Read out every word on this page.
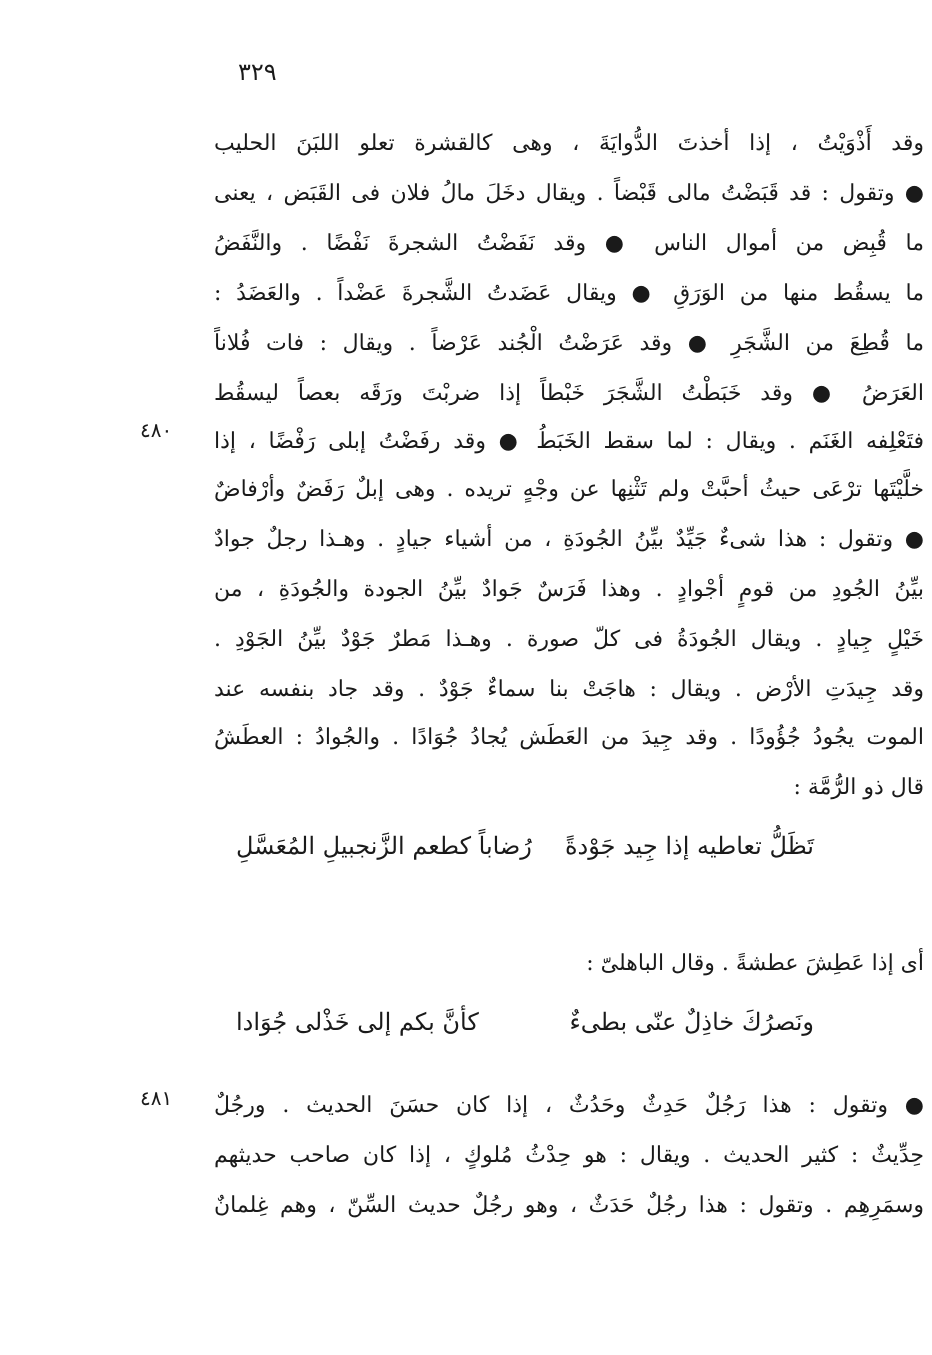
٣٢٩
وقد أَذْوَيْتُ ، إذا أخذتَ الدُّوايَةَ ، وهى كالقشرة تعلو اللبَنَ الحليب
● وتقول : قد قَبَضْتُ مالى قَبْضاً . ويقال دخَلَ مالُ فلان فى القَبَض ، يعنى
ما قُبِض من أموال الناس ● وقد نَفَضْتُ الشجرةَ نَفْضًا . والنَّفَضُ
ما يسقُط منها من الوَرَقِ ● ويقال عَضَدتُ الشَّجرةَ عَضْداً . والعَضَدُ :
ما قُطِعَ من الشَّجَرِ ● وقد عَرَضْتُ الْجُند عَرْضاً . ويقال : فات فُلاناً
العَرَضُ ● وقد خَبَطْتُ الشَّجَرَ خَبْطاً إذا ضربْتَ ورَقَه بعصاً ليسقُط
فتَعْلِفه الغَنَم . ويقال : لما سقط الخَبَطُ ● وقد رفَضْتُ إبلى رَفْضًا ، إذا
٤٨٠
خلَّيْتَها ترْعَى حيثُ أحبَّتْ ولم تَثْنِها عن وجْهٍ تريده . وهى إبلٌ رَفَضٌ وأرْفاضٌ
● وتقول : هذا شىءٌ جَيِّدٌ بيِّنُ الجُودَةِ ، من أشياء جيادٍ . وهـذا رجلٌ جوادٌ
بيِّنُ الجُودِ من قومٍ أجْوادٍ . وهذا فَرَسٌ جَوادٌ بيِّنُ الجودة والجُودَةِ ، من
خَيْلٍ جِيادٍ . ويقال الجُودَةُ فى كلّ صورة . وهـذا مَطرٌ جَوْدٌ بيِّنُ الجَوْدِ .
وقد جِيدَتِ الأرْض . ويقال : هاجَتْ بنا سماءٌ جَوْدٌ . وقد جاد بنفسه عند
الموت يجُودُ جُؤُودًا . وقد جِيدَ من العَطَش يُجادُ جُوَادًا . والجُوادُ : العطَشُ
قال ذو الرُّمَّة :
تَظَلُّ تعاطيه إذا جِيد جَوْدةً
رُضاباً كطعم الزَّنجبيلِ المُعَسَّلِ
أى إذا عَطِشَ عطشةً . وقال الباهلىّ :
ونَصرُكَ خاذِلٌ عنّى بطىءٌ
كأنَّ بكم إلى خَذْلى جُوَادا
٤٨١	● وتقول : هذا رَجُلٌ حَدِثٌ وحَدُثٌ ، إذا كان حسَنَ الحديث . ورجُلٌ
حِدِّيثٌ : كثير الحديث . ويقال : هو حِدْثُ مُلوكٍ ، إذا كان صاحب حديثهم
وسمَرِهِم . وتقول : هذا رجُلٌ حَدَثٌ ، وهو رجُلٌ حديث السِّنّ ، وهم غِلمانٌ
